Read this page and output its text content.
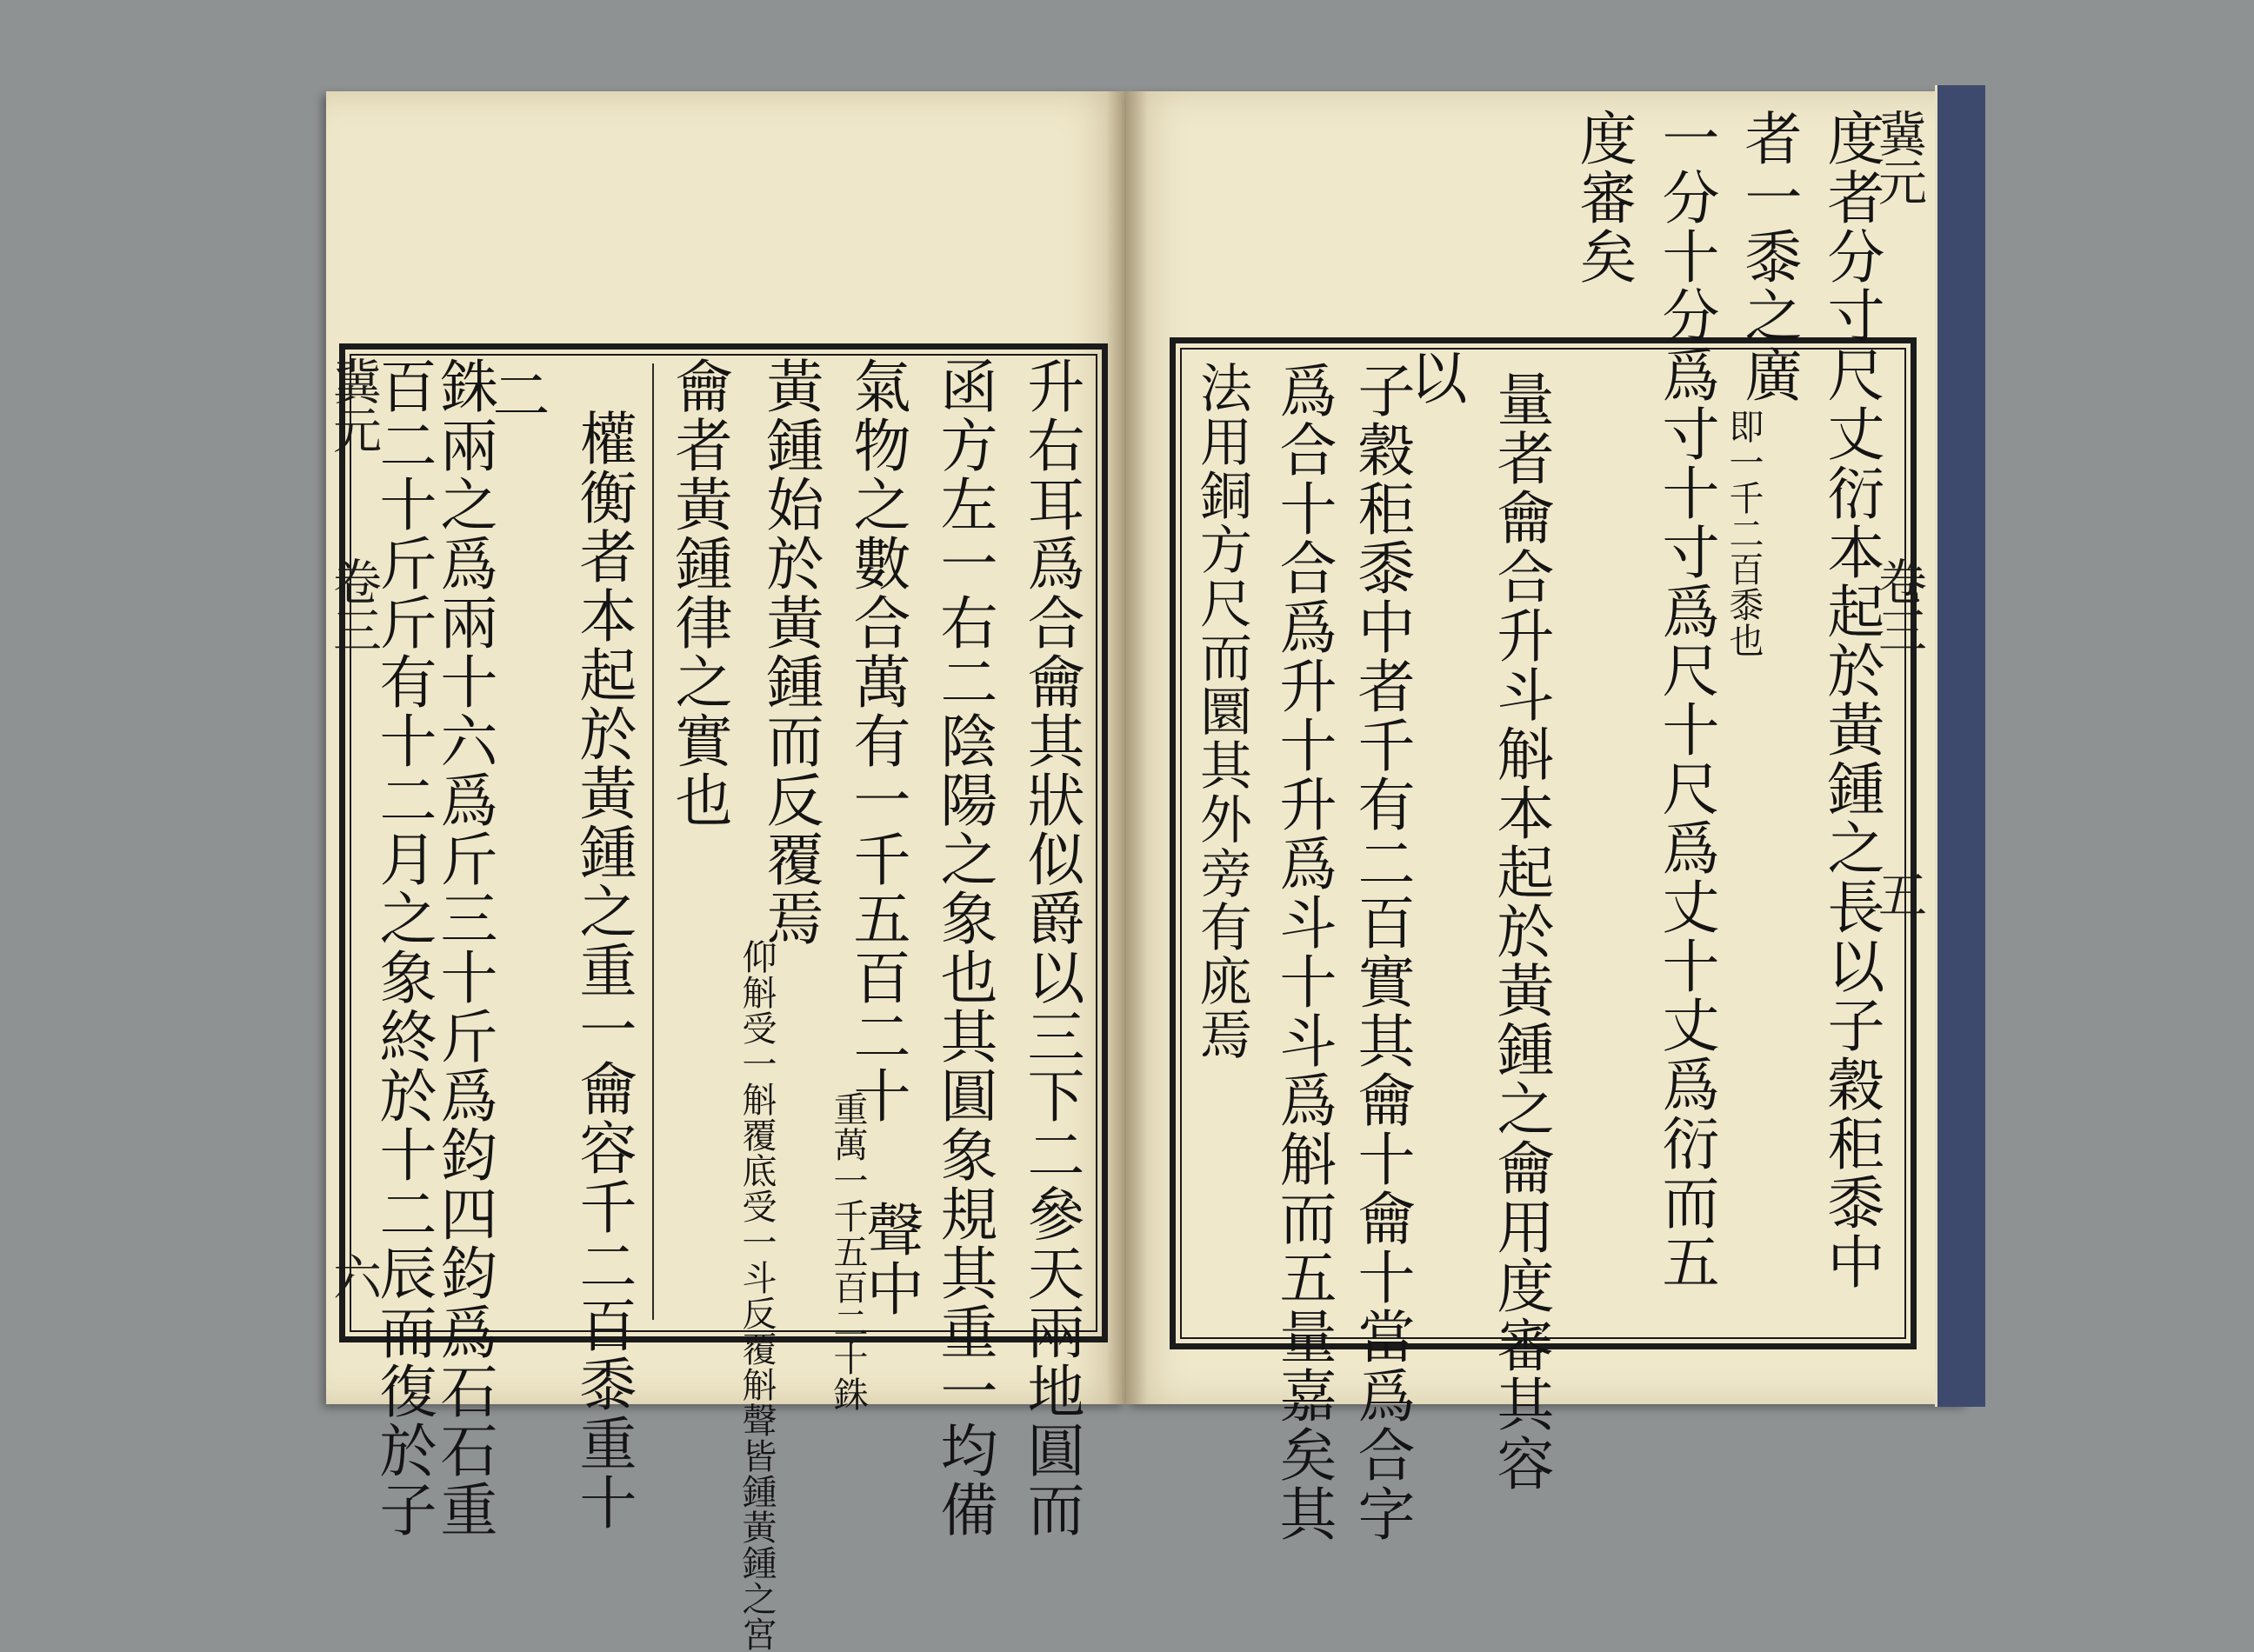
冀元
卷三
六	升右耳爲合龠其狀似爵以三下二參天兩地圓而
函方左一右二陰陽之象也其圓象規其重一均備
氣物之數合萬有一千五百二十
重萬一千五百二十銖
黃鍾始於黃鍾而反覆焉
仰斛受一斛覆底受一斗反覆斛聲皆鍾黃鍾之宮 聲中
龠者黃鍾律之實也
權衡者本起於黃鍾之重一龠容千二百黍重十
二
銖兩之爲兩十六爲斤三十斤爲鈞四鈞爲石石重
百二十斤斤有十二月之象終於十二辰而復於子
冀元
卷三
五
度者分寸尺丈衍本起於黃鍾之長以子穀秬黍中
者一黍之廣
即一千二百黍也
一分十分爲寸十寸爲尺十尺爲丈十丈爲衍而五
度審矣
量者龠合升斗斛本起於黃鍾之龠用度審其容
以
子穀秬黍中者千有二百實其龠十龠十當爲合字
爲合十合爲升十升爲斗十斗爲斛而五量嘉矣其
法用銅方尺而圜其外旁有庣焉
